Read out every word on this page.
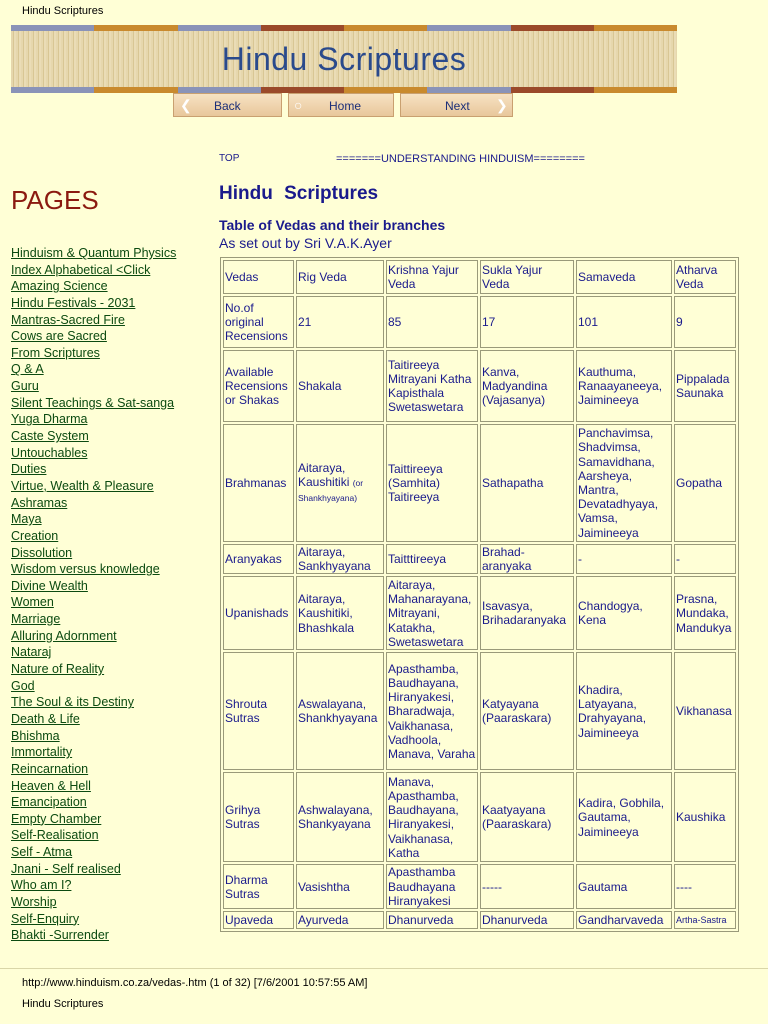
Hindu Scriptures
Hindu Scriptures
❮ Back	○ Home	Next ❯
PAGES
Hinduism & Quantum Physics
Index Alphabetical <Click
Amazing Science
Hindu Festivals - 2031
Mantras-Sacred Fire
Cows are Sacred
From Scriptures
Q & A
Guru
Silent Teachings & Sat-sanga
Yuga Dharma
Caste System
Untouchables
Duties
Virtue, Wealth & Pleasure
Ashramas
Maya
Creation
Dissolution
Wisdom versus knowledge
Divine Wealth
Women
Marriage
Alluring Adornment
Nataraj
Nature of Reality
God
The Soul & its Destiny
Death & Life
Bhishma
Immortality
Reincarnation
Heaven & Hell
Emancipation
Empty Chamber
Self-Realisation
Self - Atma
Jnani - Self realised
Who am I?
Worship
Self-Enquiry
Bhakti -Surrender
TOP	=======UNDERSTANDING HINDUISM========
Hindu Scriptures
Table of Vedas and their branches
As set out by Sri V.A.K.Ayer
Vedas	Rig Veda	Krishna Yajur Veda	Sukla Yajur Veda	Samaveda	Atharva Veda
No.of original Recensions	21	85	17	101	9
Available Recensions or Shakas	Shakala	Taitireeya Mitrayani Katha Kapisthala Swetaswetara	Kanva, Madyandina (Vajasanya)	Kauthuma, Ranaayaneeya, Jaimineeya	Pippalada Saunaka
Brahmanas	Aitaraya, Kaushitiki (or Shankhyayana)	Taittireeya (Samhita) Taitireeya	Sathapatha	Panchavimsa, Shadvimsa, Samavidhana, Aarsheya, Mantra, Devatadhyaya, Vamsa, Jaimineeya	Gopatha
Aranyakas	Aitaraya, Sankhyayana	Taitttireeya	Brahad-aranyaka	-	-
Upanishads	Aitaraya, Kaushitiki, Bhashkala	Aitaraya, Mahanarayana, Mitrayani, Katakha, Swetaswetara	Isavasya, Brihadaranyaka	Chandogya, Kena	Prasna, Mundaka, Mandukya
Shrouta Sutras	Aswalayana, Shankhyayana	Apasthamba, Baudhayana, Hiranyakesi, Bharadwaja, Vaikhanasa, Vadhoola, Manava, Varaha	Katyayana (Paaraskara)	Khadira, Latyayana, Drahyayana, Jaimineeya	Vikhanasa
Grihya Sutras	Ashwalayana, Shankyayana	Manava, Apasthamba, Baudhayana, Hiranyakesi, Vaikhanasa, Katha	Kaatyayana (Paaraskara)	Kadira, Gobhila, Gautama, Jaimineeya	Kaushika
Dharma Sutras	Vasishtha	Apasthamba Baudhayana Hiranyakesi	-----	Gautama	----
Upaveda	Ayurveda	Dhanurveda	Dhanurveda	Gandharvaveda	Artha-Sastra
http://www.hinduism.co.za/vedas-.htm (1 of 32) [7/6/2001 10:57:55 AM]
Hindu Scriptures
